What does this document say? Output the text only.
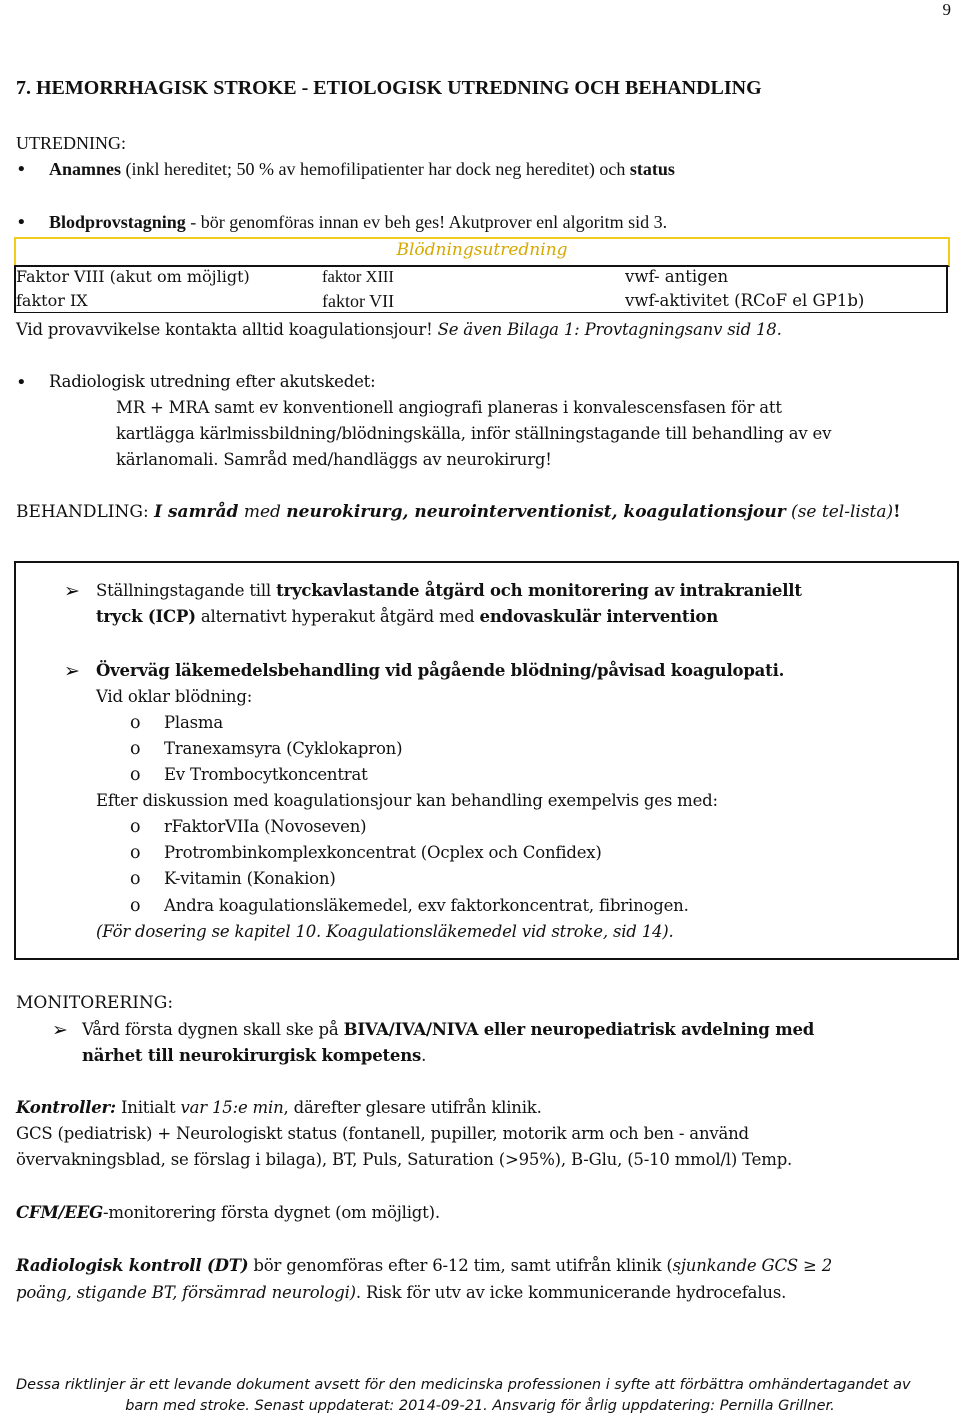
9
7. HEMORRHAGISK STROKE - ETIOLOGISK UTREDNING OCH BEHANDLING
UTREDNING:
• Anamnes (inkl hereditet; 50 % av hemofilipatienter har dock neg hereditet) och status
• Blodprovstagning - bör genomföras innan ev beh ges! Akutprover enl algoritm sid 3.
Blödningsutredning
Faktor VIII (akut om möjligt)
faktor IX
faktor XIII
faktor VII
vwf- antigen
vwf-aktivitet (RCoF el GP1b)
Vid provavvikelse kontakta alltid koagulationsjour! Se även Bilaga 1: Provtagningsanv sid 18.
• Radiologisk utredning efter akutskedet:
MR + MRA samt ev konventionell angiografi planeras i konvalescensfasen för att
kartlägga kärlmissbildning/blödningskälla, inför ställningstagande till behandling av ev
kärlanomali. Samråd med/handläggs av neurokirurg!
BEHANDLING: I samråd med neurokirurg, neurointerventionist, koagulationsjour (se tel-lista)!
➢ Ställningstagande till tryckavlastande åtgärd och monitorering av intrakraniellt
tryck (ICP) alternativt hyperakut åtgärd med endovaskulär intervention
➢ Överväg läkemedelsbehandling vid pågående blödning/påvisad koagulopati.
Vid oklar blödning:
o Plasma
o Tranexamsyra (Cyklokapron)
o Ev Trombocytkoncentrat
Efter diskussion med koagulationsjour kan behandling exempelvis ges med:
o rFaktorVIIa (Novoseven)
o Protrombinkomplexkoncentrat (Ocplex och Confidex)
o K-vitamin (Konakion)
o Andra koagulationsläkemedel, exv faktorkoncentrat, fibrinogen.
(För dosering se kapitel 10. Koagulationsläkemedel vid stroke, sid 14).
MONITORERING:
➢ Vård första dygnen skall ske på BIVA/IVA/NIVA eller neuropediatrisk avdelning med
närhet till neurokirurgisk kompetens.
Kontroller: Initialt var 15:e min, därefter glesare utifrån klinik.
GCS (pediatrisk) + Neurologiskt status (fontanell, pupiller, motorik arm och ben - använd
övervakningsblad, se förslag i bilaga), BT, Puls, Saturation (>95%), B-Glu, (5-10 mmol/l) Temp.
CFM/EEG-monitorering första dygnet (om möjligt).
Radiologisk kontroll (DT) bör genomföras efter 6-12 tim, samt utifrån klinik (sjunkande GCS ≥ 2
poäng, stigande BT, försämrad neurologi). Risk för utv av icke kommunicerande hydrocefalus.
Dessa riktlinjer är ett levande dokument avsett för den medicinska professionen i syfte att förbättra omhändertagandet av
barn med stroke. Senast uppdaterat: 2014-09-21. Ansvarig för årlig uppdatering: Pernilla Grillner.
